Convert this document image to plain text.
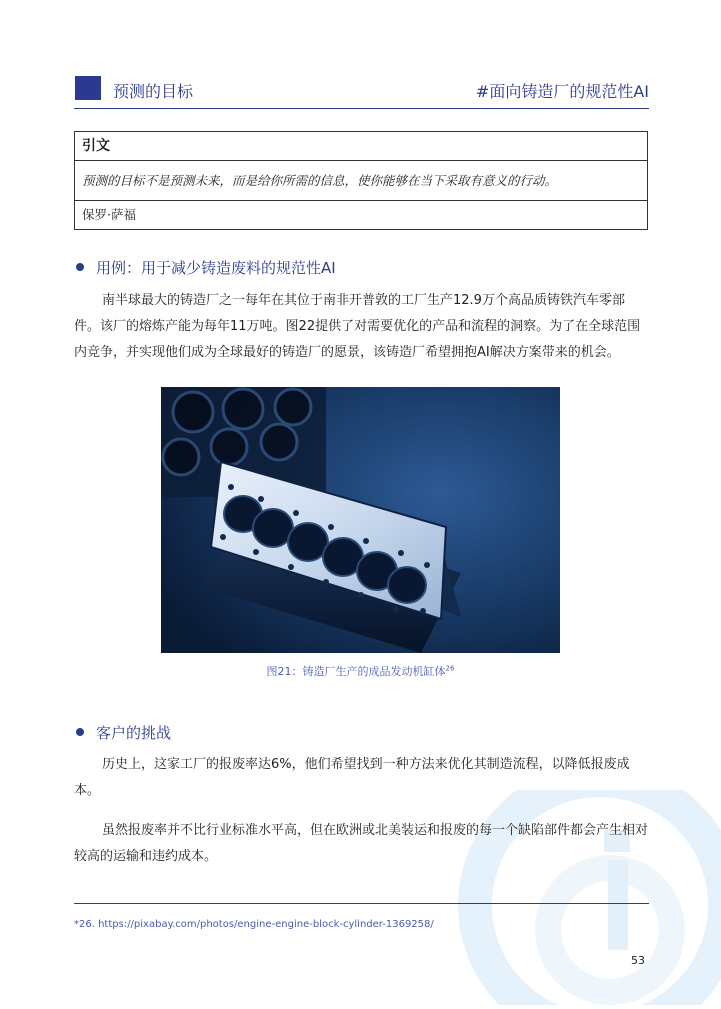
预测的目标	#面向铸造厂的规范性AI
引文
预测的目标不是预测未来，而是给你所需的信息，使你能够在当下采取有意义的行动。
保罗·萨福
用例：用于减少铸造废料的规范性AI
南半球最大的铸造厂之一每年在其位于南非开普敦的工厂生产12.9万个高品质铸铁汽车零部件。该厂的熔炼产能为每年11万吨。图22提供了对需要优化的产品和流程的洞察。为了在全球范围内竞争，并实现他们成为全球最好的铸造厂的愿景，该铸造厂希望拥抱AI解决方案带来的机会。
图21：铸造厂生产的成品发动机缸体$^{26}$
客户的挑战
历史上，这家工厂的报废率达6%，他们希望找到一种方法来优化其制造流程，以降低报废成本。
虽然报废率并不比行业标准水平高，但在欧洲或北美装运和报废的每一个缺陷部件都会产生相对较高的运输和违约成本。
*26. https://pixabay.com/photos/engine-engine-block-cylinder-1369258/
53
